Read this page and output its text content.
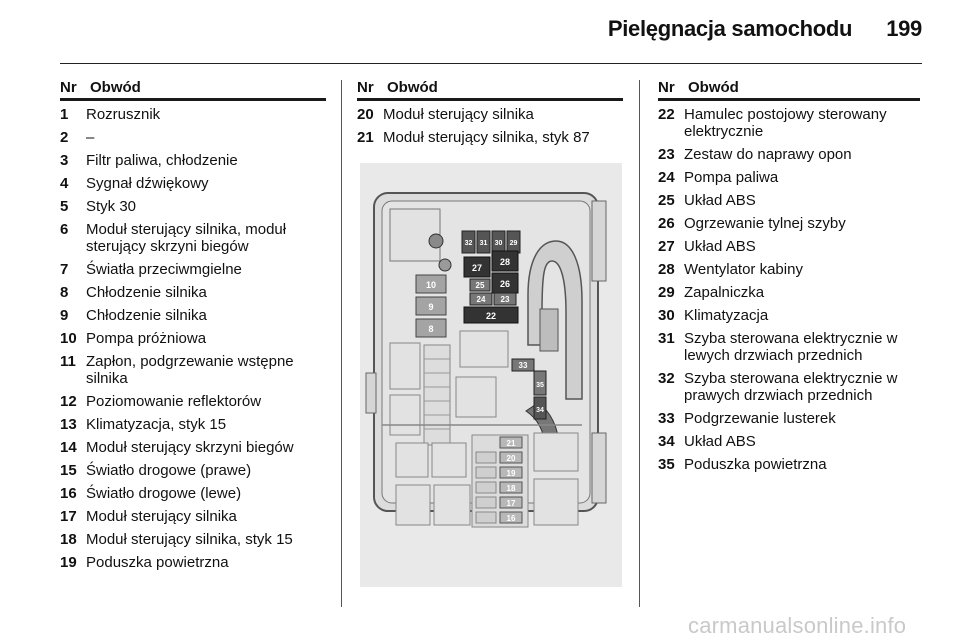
Pielęgnacja samochodu 199
Nr Obwód
1	Rozrusznik
2	–
3	Filtr paliwa, chłodzenie
4	Sygnał dźwiękowy
5	Styk 30
6	Moduł sterujący silnika, moduł sterujący skrzyni biegów
7	Światła przeciwmgielne
8	Chłodzenie silnika
9	Chłodzenie silnika
10 Pompa próżniowa
11 Zapłon, podgrzewanie wstępne silnika
12 Poziomowanie reflektorów
13 Klimatyzacja, styk 15
14 Moduł sterujący skrzyni biegów
15 Światło drogowe (prawe)
16 Światło drogowe (lewe)
17 Moduł sterujący silnika
18 Moduł sterujący silnika, styk 15
19 Poduszka powietrzna
Nr Obwód
20 Moduł sterujący silnika
21 Moduł sterujący silnika, styk 87
Nr Obwód
22 Hamulec postojowy sterowany elektrycznie
23 Zestaw do naprawy opon
24 Pompa paliwa
25 Układ ABS
26 Ogrzewanie tylnej szyby
27 Układ ABS
28 Wentylator kabiny
29 Zapalniczka
30 Klimatyzacja
31 Szyba sterowana elektrycznie w lewych drzwiach przednich
32 Szyba sterowana elektrycznie w prawych drzwiach przednich
33 Podgrzewanie lusterek
34 Układ ABS
35 Poduszka powietrzna
10
9
8
32 31 30 29
27
28
26
25
24 23
22
33
35
34
21
20
19
18
17
16
carmanualsonline.info
